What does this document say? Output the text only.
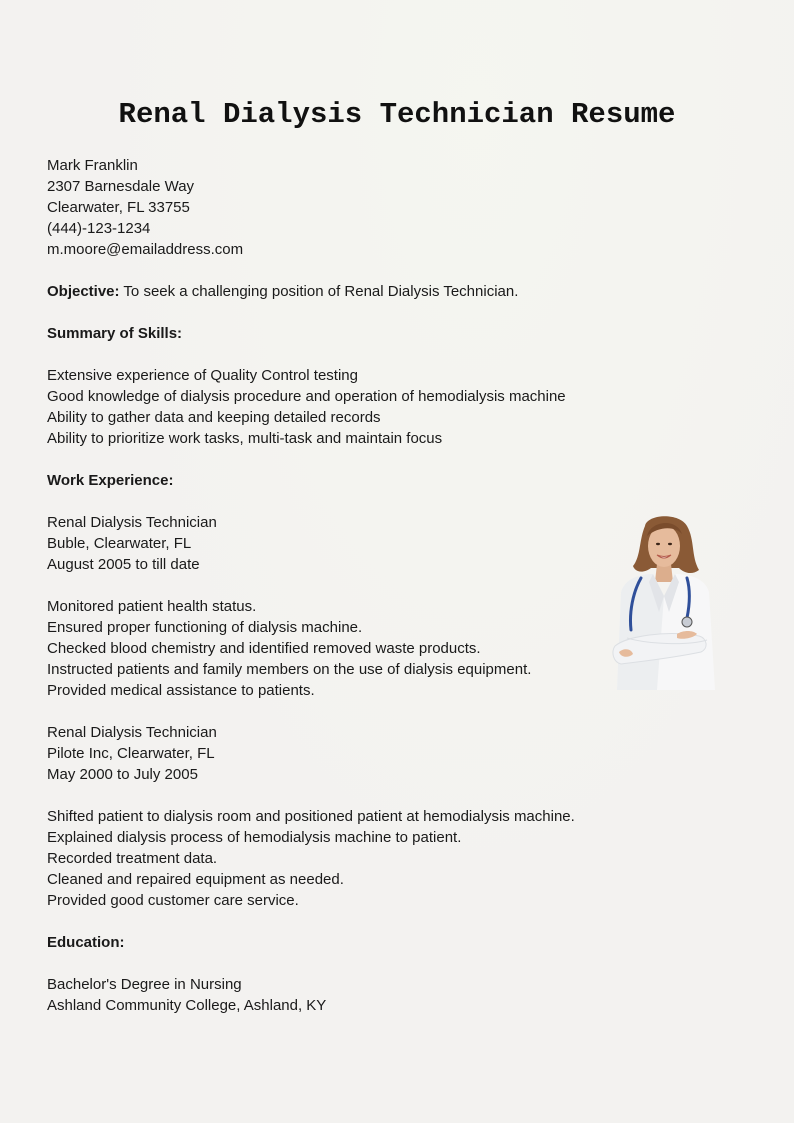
Renal Dialysis Technician Resume
Mark Franklin
2307 Barnesdale Way
Clearwater, FL 33755
(444)-123-1234
m.moore@emailaddress.com
Objective: To seek a challenging position of Renal Dialysis Technician.
Summary of Skills:
Extensive experience of Quality Control testing
Good knowledge of dialysis procedure and operation of hemodialysis machine
Ability to gather data and keeping detailed records
Ability to prioritize work tasks, multi-task and maintain focus
Work Experience:
Renal Dialysis Technician
Buble, Clearwater, FL
August 2005 to till date
Monitored patient health status.
Ensured proper functioning of dialysis machine.
Checked blood chemistry and identified removed waste products.
Instructed patients and family members on the use of dialysis equipment.
Provided medical assistance to patients.
Renal Dialysis Technician
Pilote Inc, Clearwater, FL
May 2000 to July 2005
Shifted patient to dialysis room and positioned patient at hemodialysis machine.
Explained dialysis process of hemodialysis machine to patient.
Recorded treatment data.
Cleaned and repaired equipment as needed.
Provided good customer care service.
Education:
Bachelor's Degree in Nursing
Ashland Community College, Ashland, KY
